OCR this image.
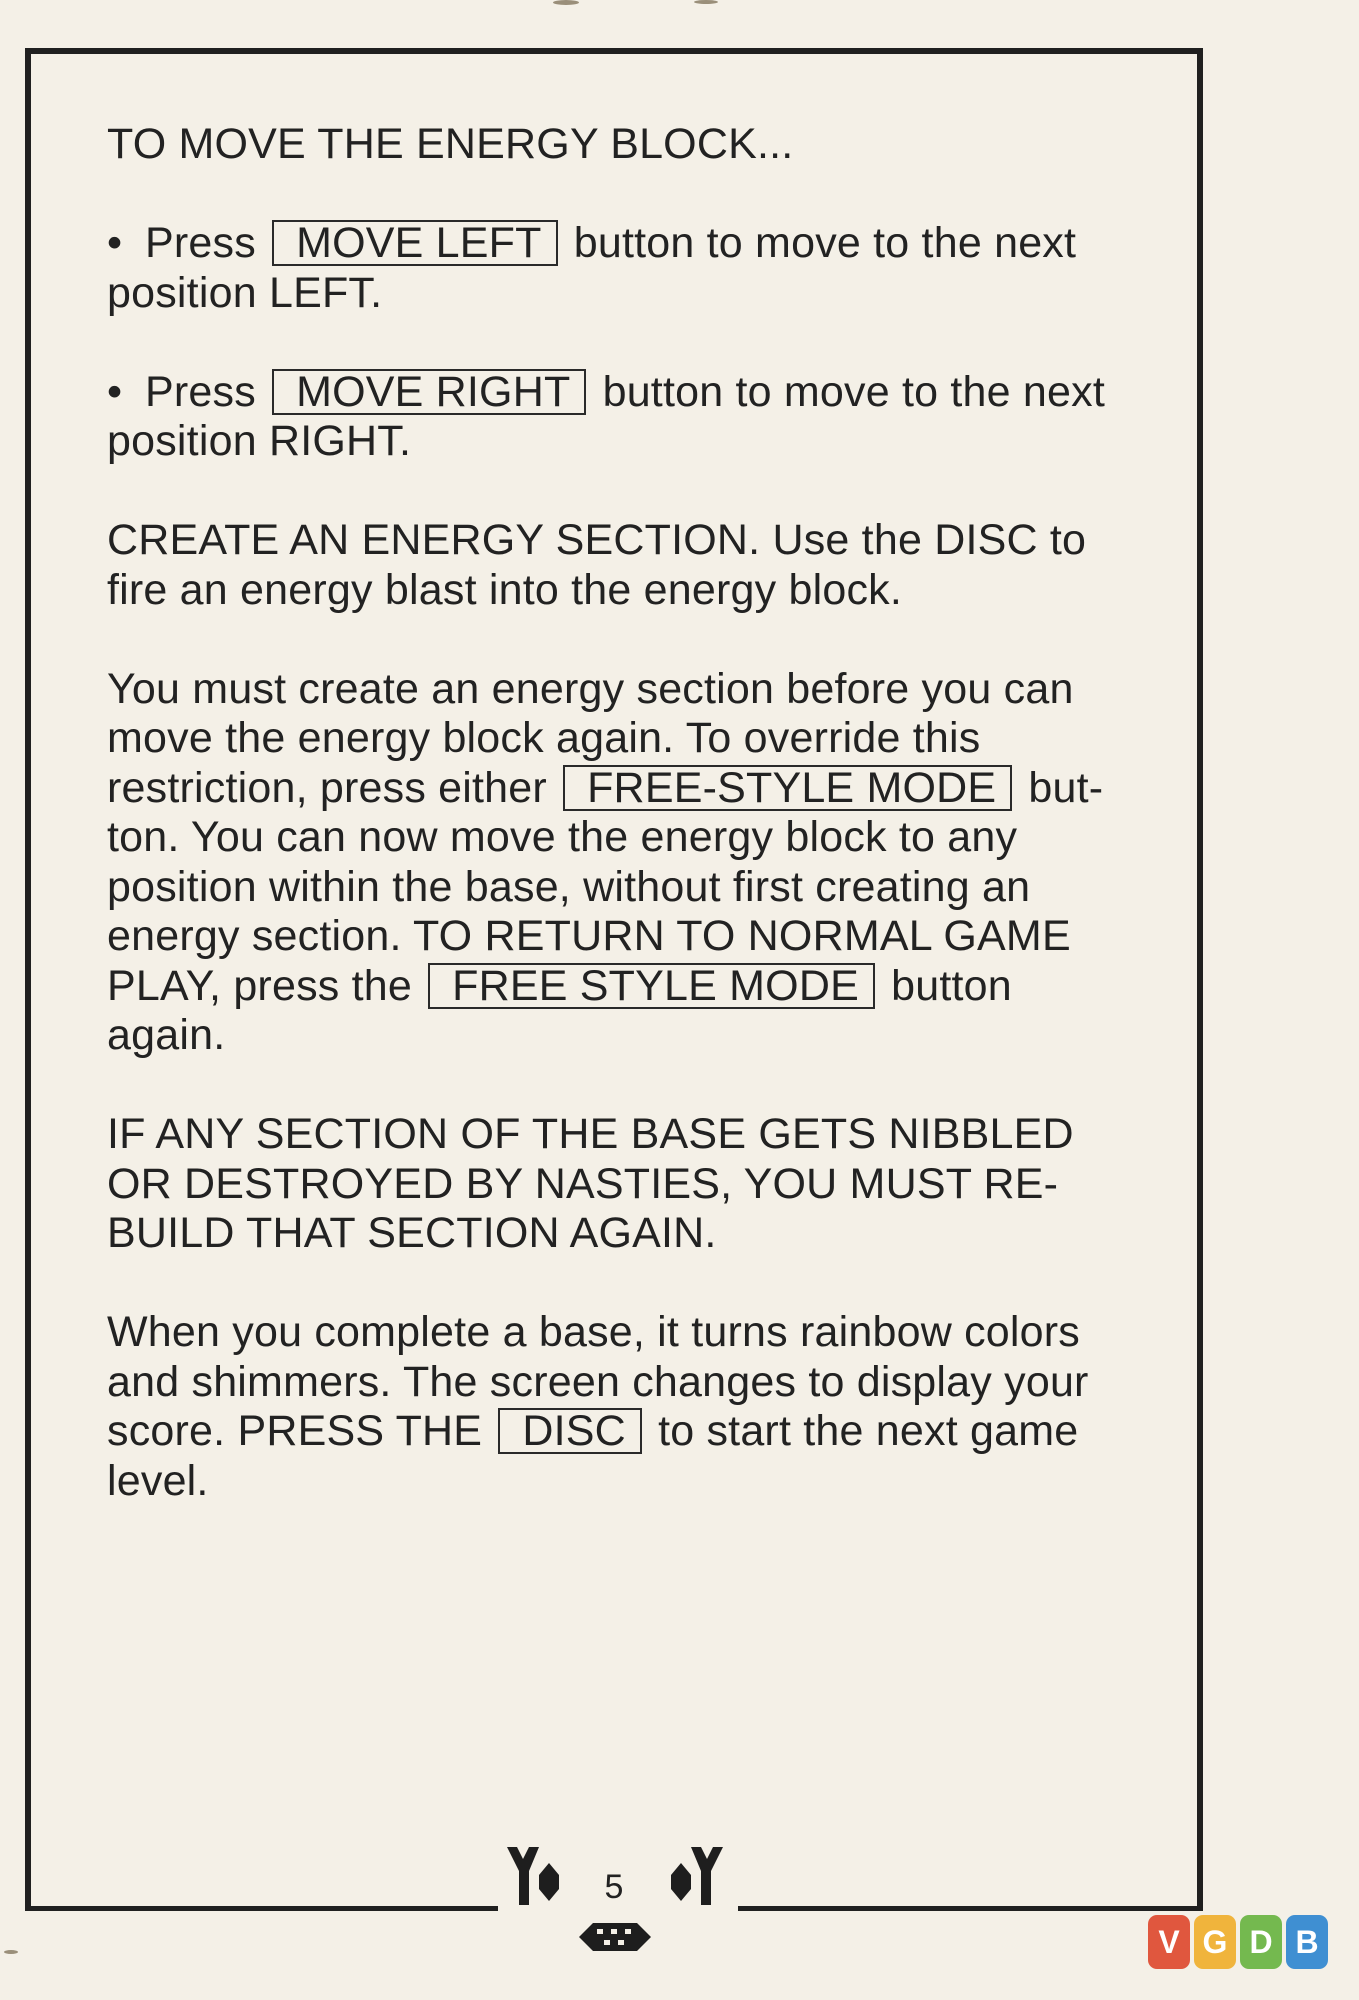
TO MOVE THE ENERGY BLOCK...

• Press MOVE LEFT button to move to the next
position LEFT.

• Press MOVE RIGHT button to move to the next
position RIGHT.

CREATE AN ENERGY SECTION. Use the DISC to
fire an energy blast into the energy block.

You must create an energy section before you can
move the energy block again. To override this
restriction, press either FREE-STYLE MODE but-
ton. You can now move the energy block to any
position within the base, without first creating an
energy section. TO RETURN TO NORMAL GAME
PLAY, press the FREE STYLE MODE button
again.

IF ANY SECTION OF THE BASE GETS NIBBLED
OR DESTROYED BY NASTIES, YOU MUST RE-
BUILD THAT SECTION AGAIN.

When you complete a base, it turns rainbow colors
and shimmers. The screen changes to display your
score. PRESS THE DISC to start the next game
level.

5
V G D B
